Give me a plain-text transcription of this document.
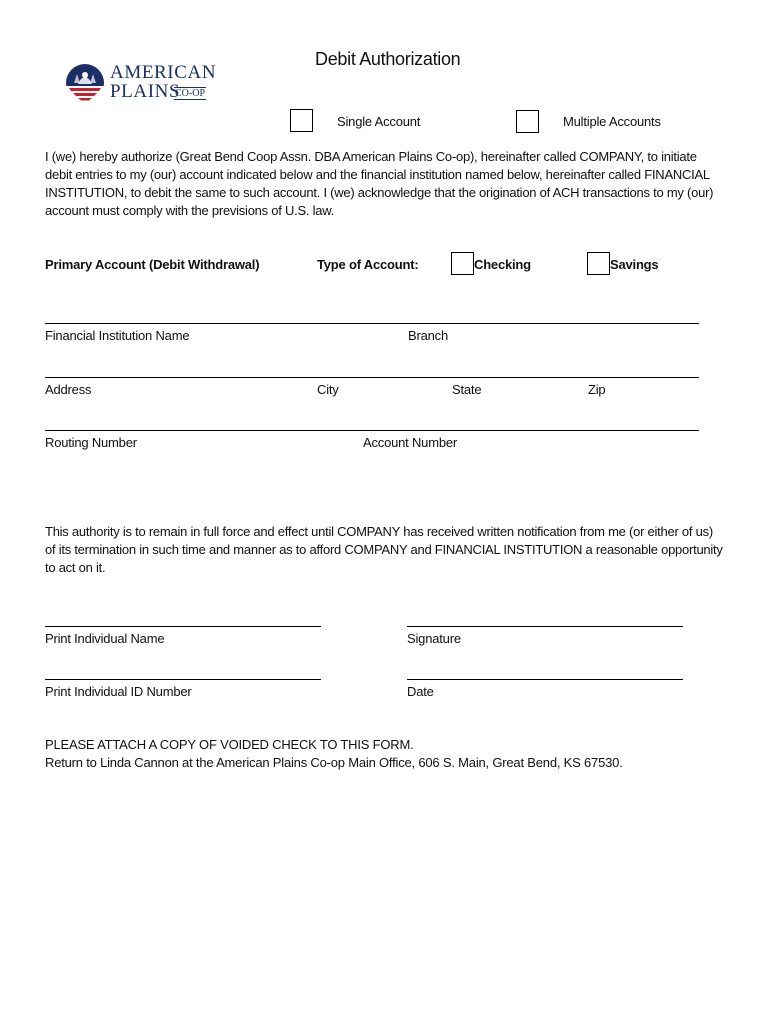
AMERICAN
PLAINS
CO-OP
Debit Authorization
Single Account	Multiple Accounts
I (we) hereby authorize (Great Bend Coop Assn. DBA American Plains Co-op), hereinafter called COMPANY, to initiate
debit entries to my (our) account indicated below and the financial institution named below, hereinafter called FINANCIAL
INSTITUTION, to debit the same to such account. I (we) acknowledge that the origination of ACH transactions to my (our)
account must comply with the previsions of U.S. law.
Primary Account (Debit Withdrawal)	Type of Account:	Checking	Savings
Financial Institution Name	Branch
Address	City	State	Zip
Routing Number	Account Number
This authority is to remain in full force and effect until COMPANY has received written notification from me (or either of us)
of its termination in such time and manner as to afford COMPANY and FINANCIAL INSTITUTION a reasonable opportunity
to act on it.
Print Individual Name	Signature
Print Individual ID Number	Date
PLEASE ATTACH A COPY OF VOIDED CHECK TO THIS FORM.
Return to Linda Cannon at the American Plains Co-op Main Office, 606 S. Main, Great Bend, KS 67530.
